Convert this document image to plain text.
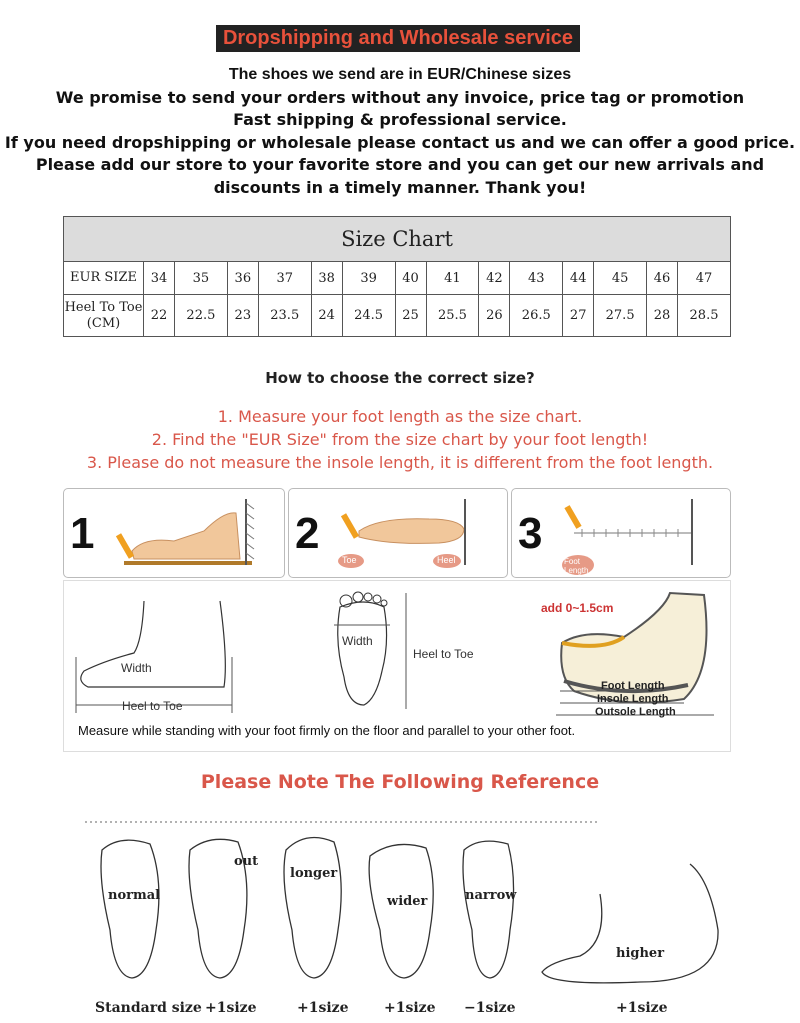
Dropshipping and Wholesale service
The shoes we send are in EUR/Chinese sizes
We promise to send your orders without any invoice, price tag or promotion
Fast shipping & professional service.
If you need dropshipping or wholesale please contact us and we can offer a good price.
Please add our store to your favorite store and you can get our new arrivals and discounts in a timely manner. Thank you!
Size Chart														
EUR SIZE	34	35	36	37	38	39	40	41	42	43	44	45	46	47
Heel To Toe (CM)	22	22.5	23	23.5	24	24.5	25	25.5	26	26.5	27	27.5	28	28.5
How to choose the correct size?
1. Measure your foot length as the size chart.
2. Find the "EUR Size" from the size chart by your foot length!
3. Please do not measure the insole length, it is different from the foot length.
1	2
Toe	Heel
3
Foot Length
Width
Heel to Toe
Width
Heel to Toe
add 0~1.5cm
Foot Length
Insole Length
Outsole Length
Measure while standing with your foot firmly on the floor and parallel to your other foot.
Please Note The Following Reference
normal
out
longer
wider	narrow
higher
Standard size +1size	+1size	+1size −1size	+1size
